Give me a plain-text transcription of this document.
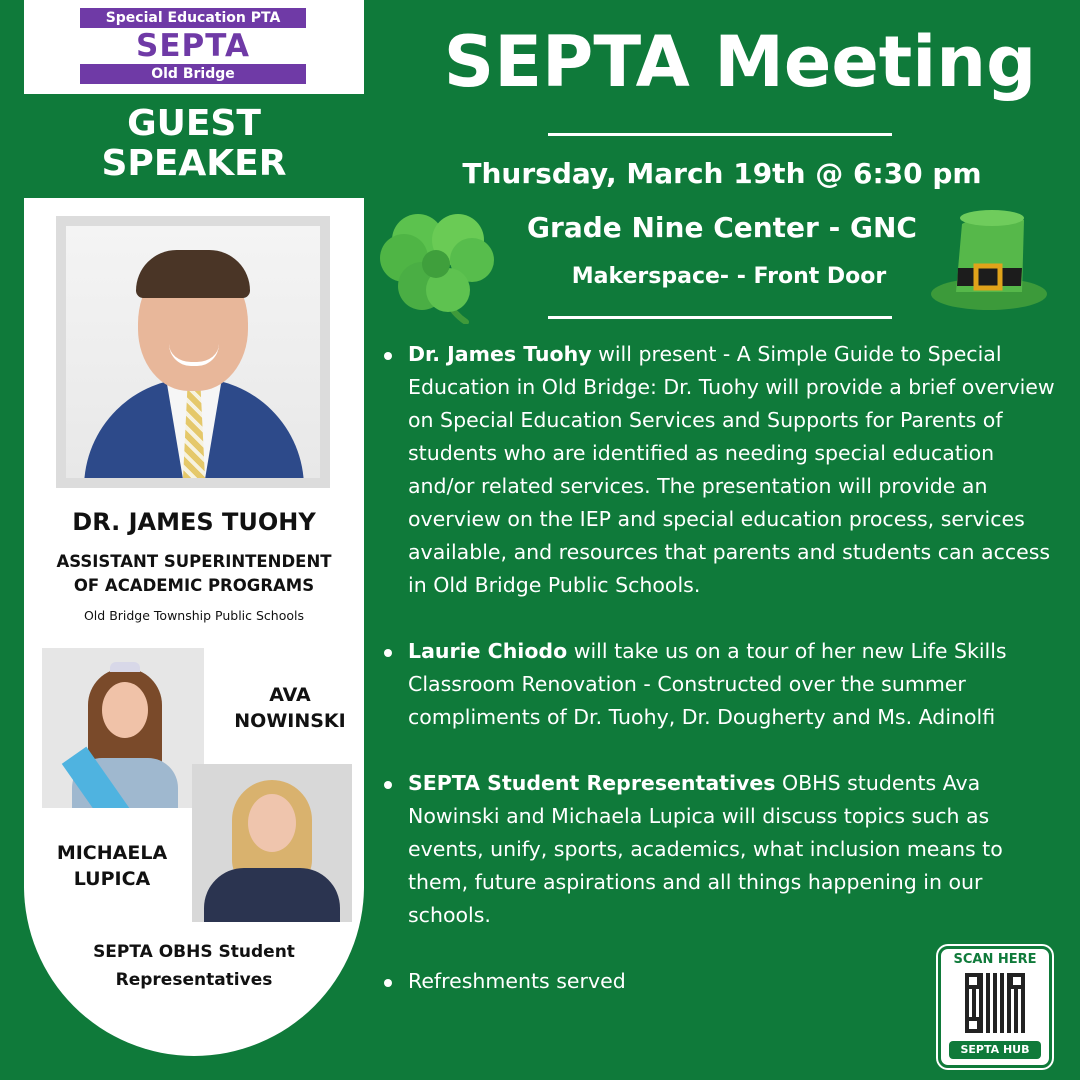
Special Education PTA
SEPTA
Old Bridge
GUEST
SPEAKER
DR. JAMES TUOHY
ASSISTANT SUPERINTENDENT
OF ACADEMIC PROGRAMS
Old Bridge Township Public Schools
AVA
NOWINSKI
MICHAELA
LUPICA
SEPTA OBHS Student
Representatives
SEPTA Meeting
Thursday, March 19th @ 6:30 pm
Grade Nine Center - GNC
Makerspace- - Front Door
Dr. James Tuohy will present - A Simple Guide to Special Education in Old Bridge: Dr. Tuohy will provide a brief overview on Special Education Services and Supports for Parents of students who are identified as needing special education and/or related services. The presentation will provide an overview on the IEP and special education process, services available, and resources that parents and students can access in Old Bridge Public Schools.
Laurie Chiodo will take us on a tour of her new Life Skills Classroom Renovation - Constructed over the summer compliments of Dr. Tuohy, Dr. Dougherty and Ms. Adinolfi
SEPTA Student Representatives OBHS students Ava Nowinski and Michaela Lupica will discuss topics such as events, unify, sports, academics, what inclusion means to them, future aspirations and all things happening in our schools.
Refreshments served
SCAN HERE
SEPTA HUB
